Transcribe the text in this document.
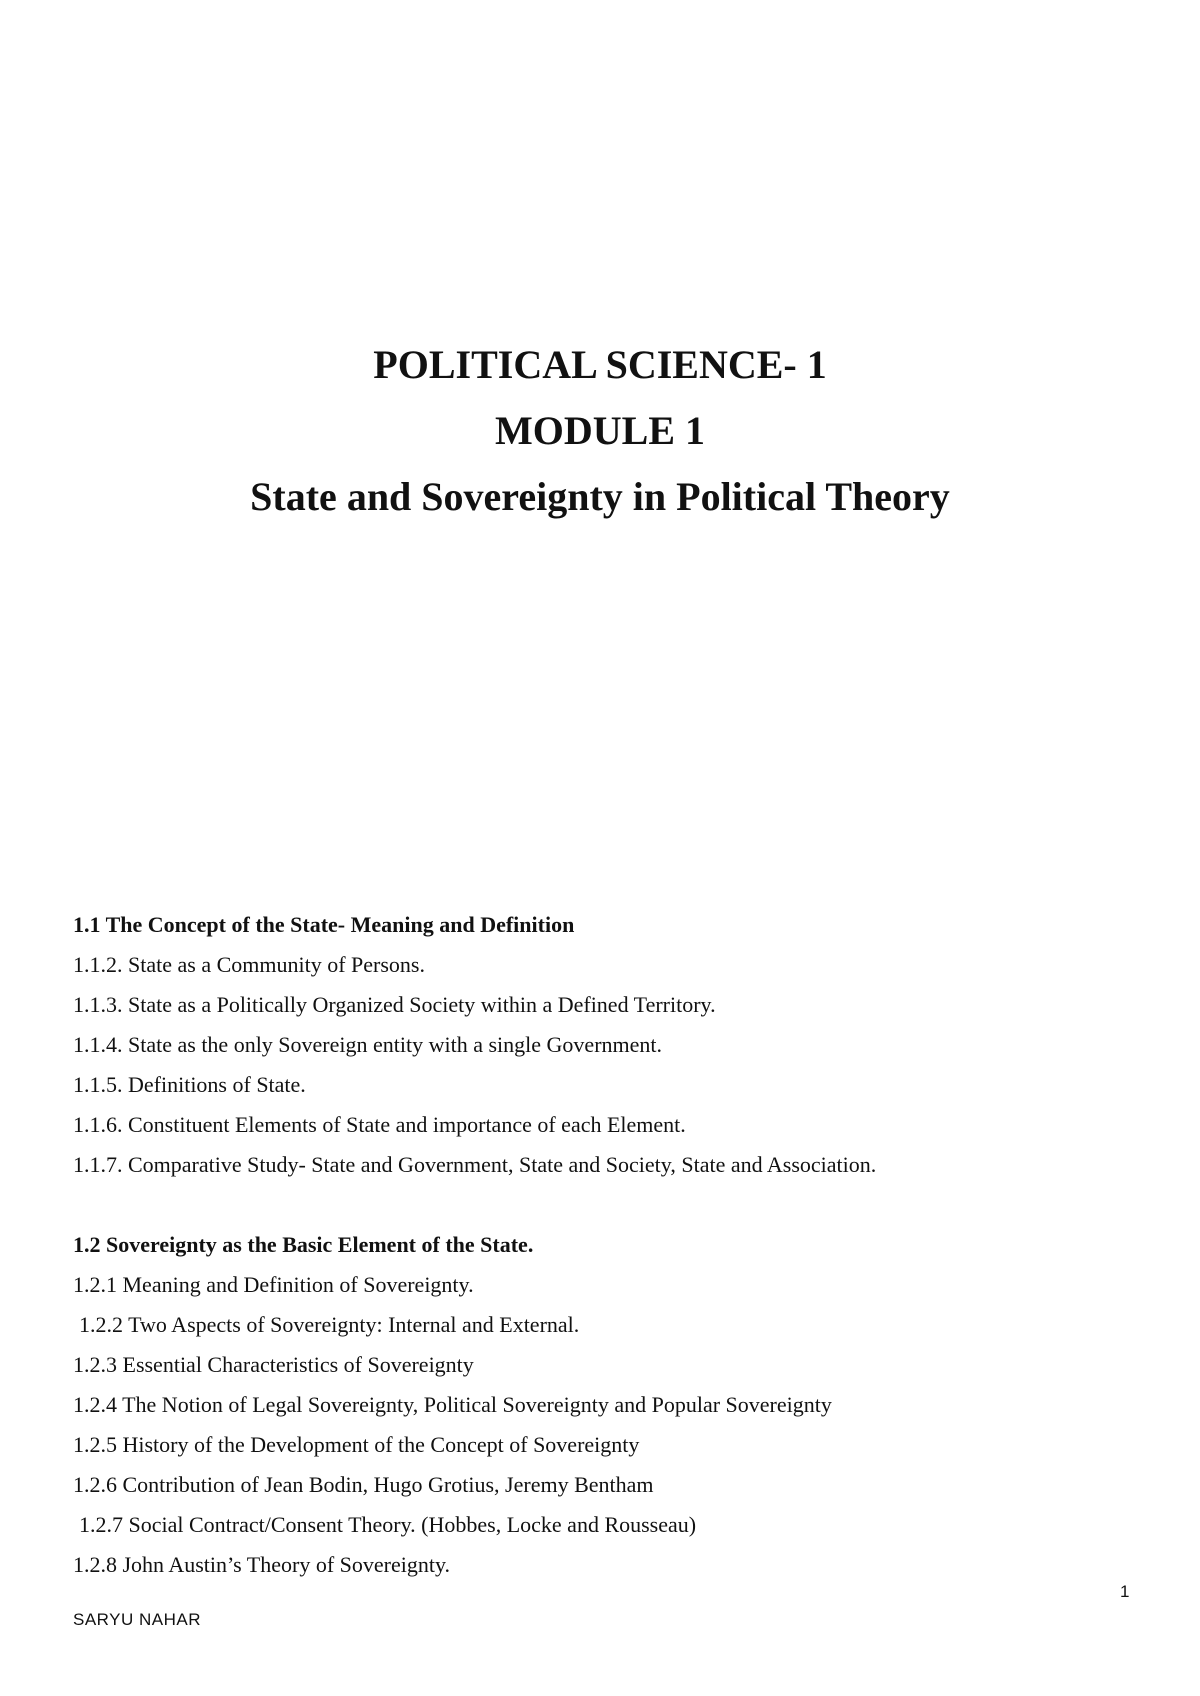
POLITICAL SCIENCE- 1
MODULE 1
State and Sovereignty in Political Theory
1.1 The Concept of the State- Meaning and Definition
1.1.2. State as a Community of Persons.
1.1.3. State as a Politically Organized Society within a Defined Territory.
1.1.4. State as the only Sovereign entity with a single Government.
1.1.5. Definitions of State.
1.1.6. Constituent Elements of State and importance of each Element.
1.1.7. Comparative Study- State and Government, State and Society, State and Association.
1.2 Sovereignty as the Basic Element of the State.
1.2.1 Meaning and Definition of Sovereignty.
1.2.2 Two Aspects of Sovereignty: Internal and External.
1.2.3 Essential Characteristics of Sovereignty
1.2.4 The Notion of Legal Sovereignty, Political Sovereignty and Popular Sovereignty
1.2.5 History of the Development of the Concept of Sovereignty
1.2.6 Contribution of Jean Bodin, Hugo Grotius, Jeremy Bentham
1.2.7 Social Contract/Consent Theory. (Hobbes, Locke and Rousseau)
1.2.8 John Austin’s Theory of Sovereignty.
1
SARYU NAHAR
